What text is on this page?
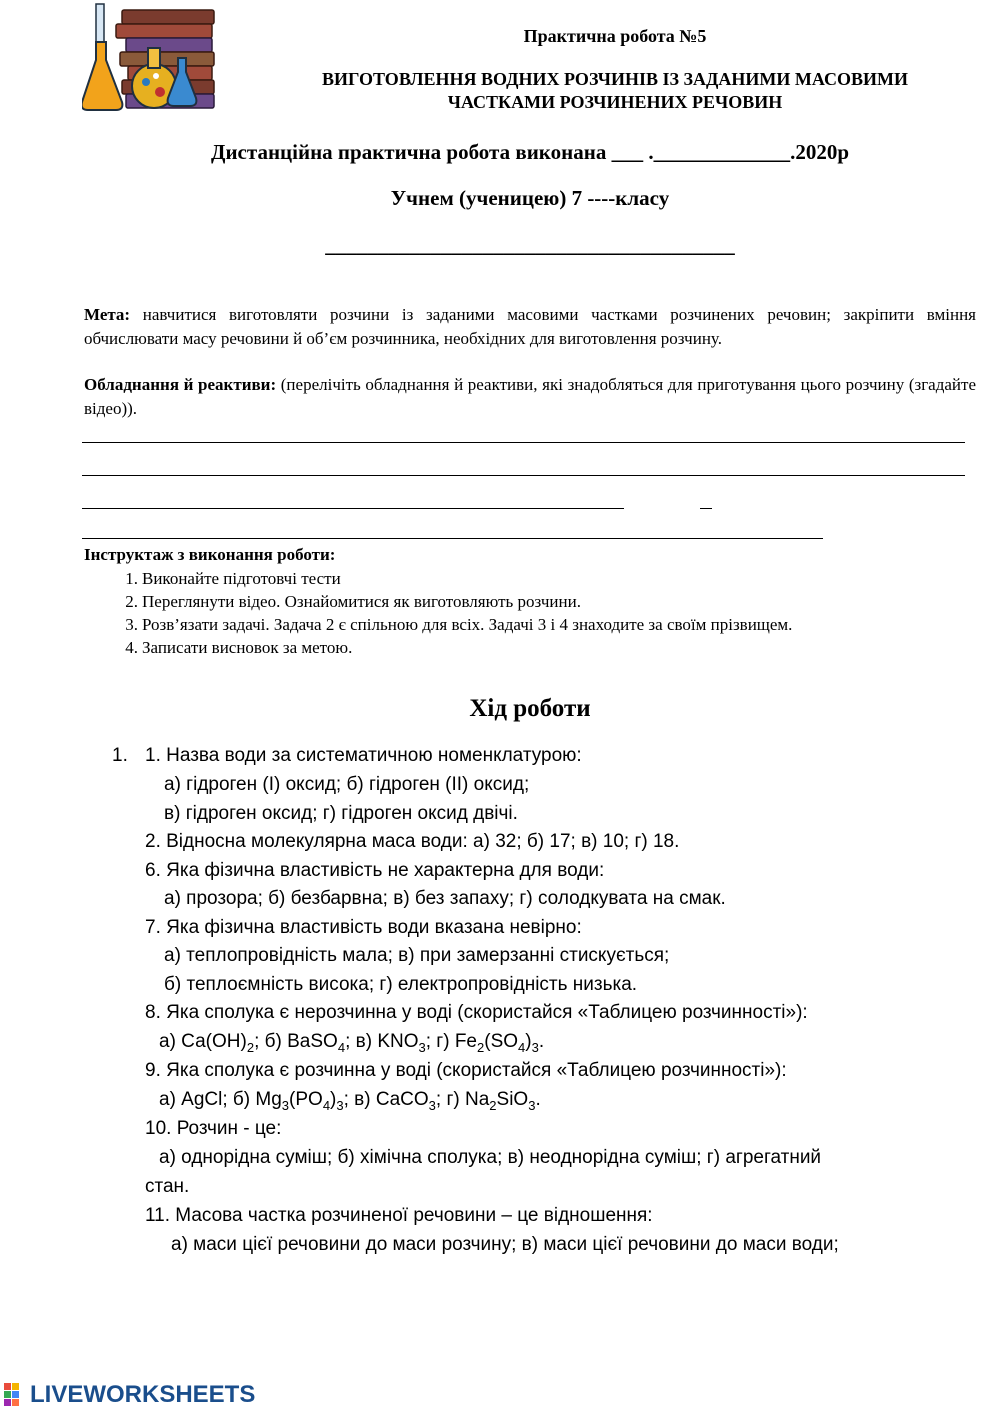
Практична робота №5
ВИГОТОВЛЕННЯ ВОДНИХ РОЗЧИНІВ ІЗ ЗАДАНИМИ МАСОВИМИ
ЧАСТКАМИ РОЗЧИНЕНИХ РЕЧОВИН
Дистанційна практична робота виконана ___ ._____________.2020р
Учнем (ученицею) 7 ----класу
_______________________________________
Мета: навчитися виготовляти розчини із заданими масовими частками розчинених речовин; закріпити вміння обчислювати масу речовини й об’єм розчинника, необхідних для виготовлення розчину.
Обладнання й реактиви: (перелічіть обладнання й реактиви, які знадобляться для приготування цього розчину (згадайте відео)).
Інструктаж з виконання роботи:
1. Виконайте підготовчі тести
2. Переглянути відео. Ознайомитися як виготовляють розчини.
3. Розв’язати задачі. Задача 2 є спільною для всіх. Задачі 3 і 4 знаходите за своїм прізвищем.
4. Записати висновок за метою.
Хід роботи
1. 1. Назва води за систематичною номенклатурою:
а) гідроген (І) оксид; б) гідроген (ІІ) оксид;
в) гідроген оксид; г) гідроген оксид двічі.
2. Відносна молекулярна маса води: а) 32; б) 17; в) 10; г) 18.
6. Яка фізична властивість не характерна для води:
а) прозора; б) безбарвна; в) без запаху; г) солодкувата на смак.
7. Яка фізична властивість води вказана невірно:
а) теплопровідність мала; в) при замерзанні стискується;
б) теплоємність висока; г) електропровідність низька.
8. Яка сполука є нерозчинна у воді (скористайся «Таблицею розчинності»):
а) $Са(ОН)_2$; б) BaSO$_4$; в) $KNO_3$; г) $Fe_2(SO_4)_3$.
9. Яка сполука є розчинна у воді (скористайся «Таблицею розчинності»):
а) AgCl; б) $Mg_3(PO_4)_3$; в) CaCO$_3$; г) $Na_2SiO_3$.
10. Розчин - це:
а) однорідна суміш; б) хімічна сполука; в) неоднорідна суміш; г) агрегатний
стан.
11. Масова частка розчиненої речовини – це відношення:
а) маси цієї речовини до маси розчину; в) маси цієї речовини до маси води;
LIVEWORKSHEETS
